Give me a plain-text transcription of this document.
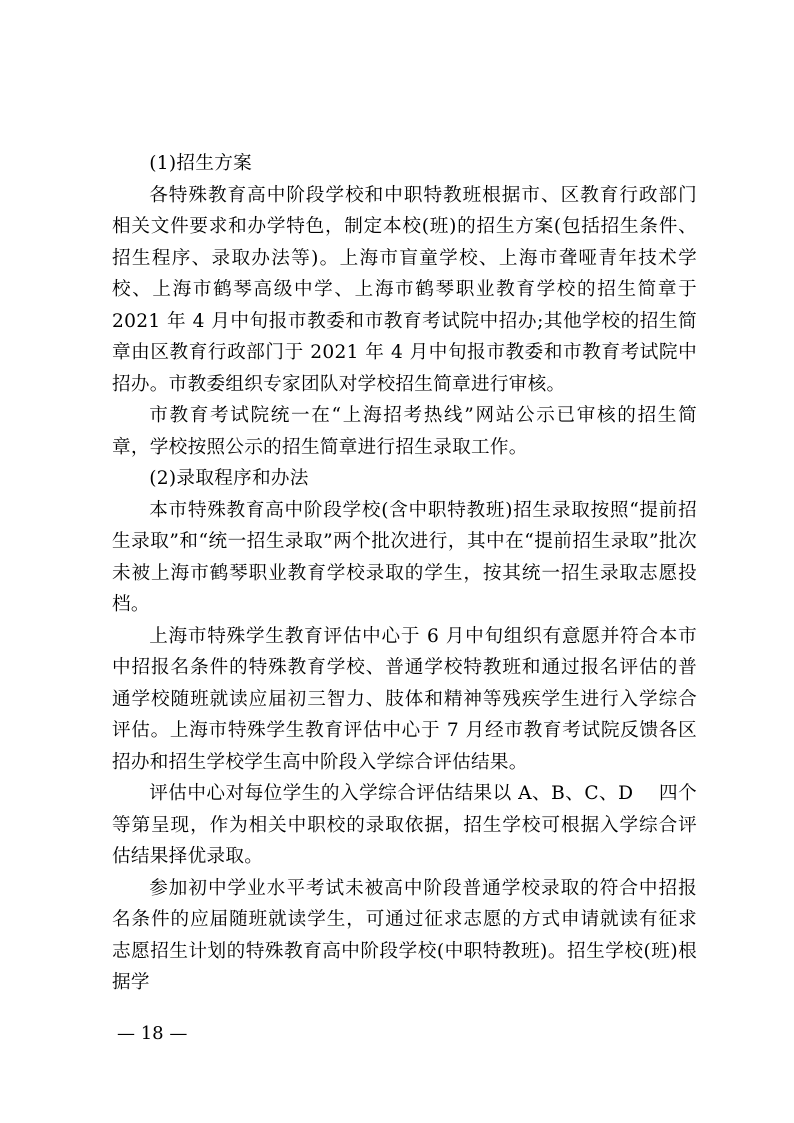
(1)招生方案

各特殊教育高中阶段学校和中职特教班根据市、区教育行政部门相关文件要求和办学特色，制定本校(班)的招生方案(包括招生条件、招生程序、录取办法等)。上海市盲童学校、上海市聋哑青年技术学校、上海市鹤琴高级中学、上海市鹤琴职业教育学校的招生简章于 2021 年 4 月中旬报市教委和市教育考试院中招办;其他学校的招生简章由区教育行政部门于 2021 年 4 月中旬报市教委和市教育考试院中招办。市教委组织专家团队对学校招生简章进行审核。

市教育考试院统一在“上海招考热线”网站公示已审核的招生简章，学校按照公示的招生简章进行招生录取工作。

(2)录取程序和办法

本市特殊教育高中阶段学校(含中职特教班)招生录取按照“提前招生录取”和“统一招生录取”两个批次进行，其中在“提前招生录取”批次未被上海市鹤琴职业教育学校录取的学生，按其统一招生录取志愿投档。

上海市特殊学生教育评估中心于 6 月中旬组织有意愿并符合本市中招报名条件的特殊教育学校、普通学校特教班和通过报名评估的普通学校随班就读应届初三智力、肢体和精神等残疾学生进行入学综合评估。上海市特殊学生教育评估中心于 7 月经市教育考试院反馈各区招办和招生学校学生高中阶段入学综合评估结果。

评估中心对每位学生的入学综合评估结果以 A、B、C、D　 四个等第呈现，作为相关中职校的录取依据，招生学校可根据入学综合评估结果择优录取。

参加初中学业水平考试未被高中阶段普通学校录取的符合中招报名条件的应届随班就读学生，可通过征求志愿的方式申请就读有征求志愿招生计划的特殊教育高中阶段学校(中职特教班)。招生学校(班)根据学

— 18 —
